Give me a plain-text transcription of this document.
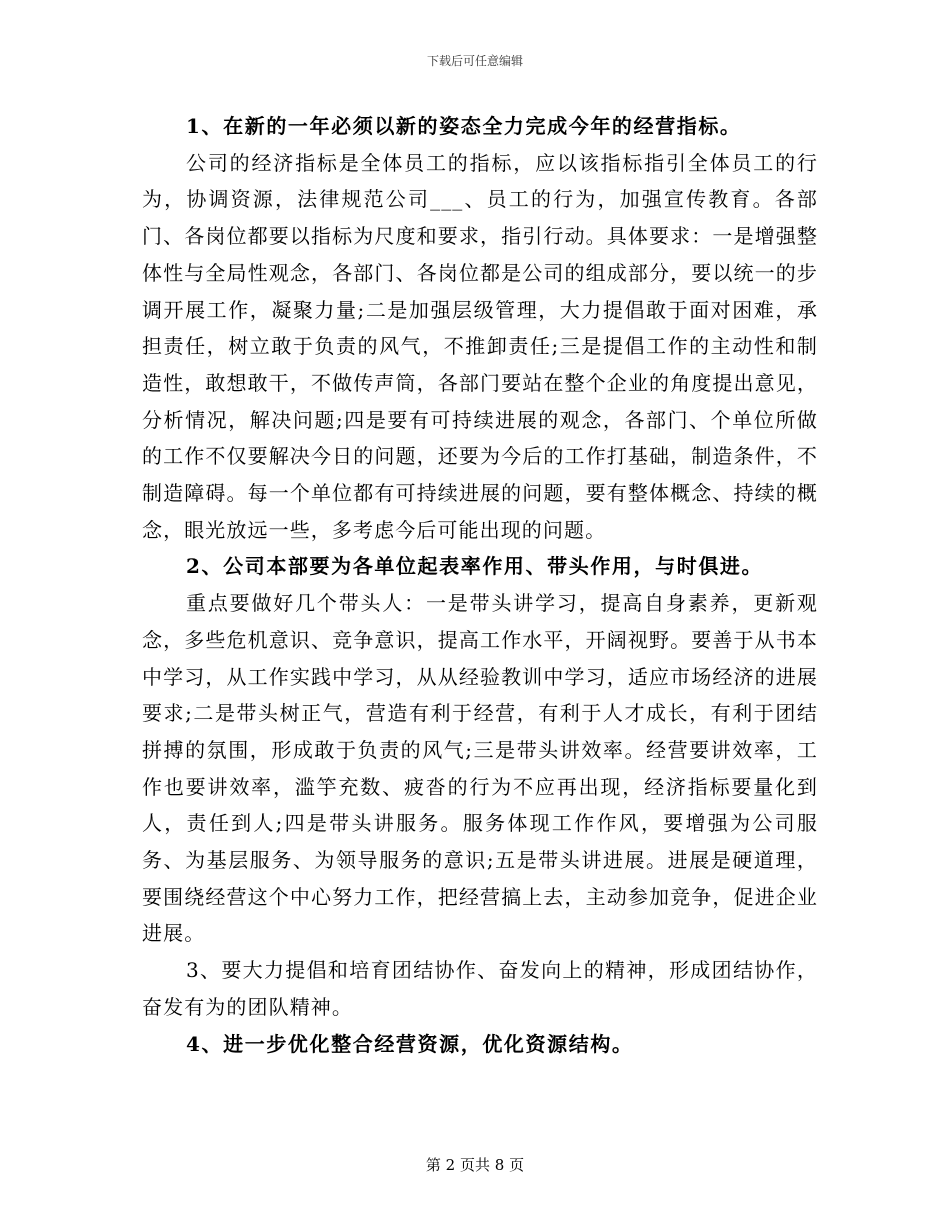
下载后可任意编辑

1、在新的一年必须以新的姿态全力完成今年的经营指标。

公司的经济指标是全体员工的指标，应以该指标指引全体员工的行为，协调资源，法律规范公司___、员工的行为，加强宣传教育。各部门、各岗位都要以指标为尺度和要求，指引行动。具体要求：一是增强整体性与全局性观念，各部门、各岗位都是公司的组成部分，要以统一的步调开展工作，凝聚力量;二是加强层级管理，大力提倡敢于面对困难，承担责任，树立敢于负责的风气，不推卸责任;三是提倡工作的主动性和制造性，敢想敢干，不做传声筒，各部门要站在整个企业的角度提出意见，分析情况，解决问题;四是要有可持续进展的观念，各部门、个单位所做的工作不仅要解决今日的问题，还要为今后的工作打基础，制造条件，不制造障碍。每一个单位都有可持续进展的问题，要有整体概念、持续的概念，眼光放远一些，多考虑今后可能出现的问题。

2、公司本部要为各单位起表率作用、带头作用，与时俱进。

重点要做好几个带头人：一是带头讲学习，提高自身素养，更新观念，多些危机意识、竞争意识，提高工作水平，开阔视野。要善于从书本中学习，从工作实践中学习，从从经验教训中学习，适应市场经济的进展要求;二是带头树正气，营造有利于经营，有利于人才成长，有利于团结拼搏的氛围，形成敢于负责的风气;三是带头讲效率。经营要讲效率，工作也要讲效率，滥竽充数、疲沓的行为不应再出现，经济指标要量化到人，责任到人;四是带头讲服务。服务体现工作作风，要增强为公司服务、为基层服务、为领导服务的意识;五是带头讲进展。进展是硬道理，要围绕经营这个中心努力工作，把经营搞上去，主动参加竞争，促进企业进展。

3、要大力提倡和培育团结协作、奋发向上的精神，形成团结协作，奋发有为的团队精神。

4、进一步优化整合经营资源，优化资源结构。

第 2 页共 8 页
